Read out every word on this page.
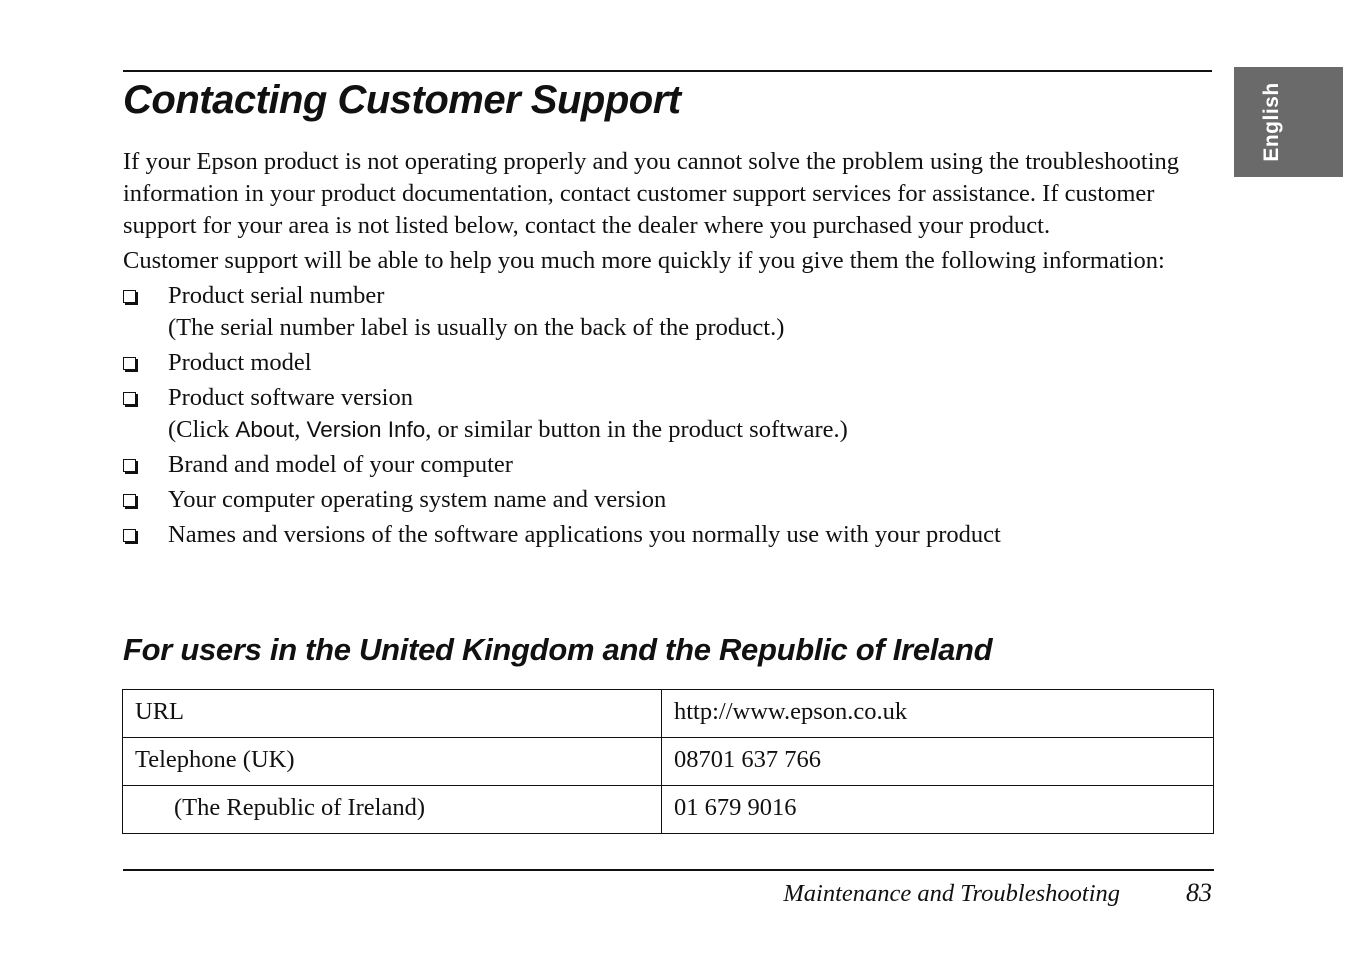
English
Contacting Customer Support

If your Epson product is not operating properly and you cannot solve the problem using the troubleshooting information in your product documentation, contact customer support services for assistance. If customer support for your area is not listed below, contact the dealer where you purchased your product.

Customer support will be able to help you much more quickly if you give them the following information:

Product serial number
(The serial number label is usually on the back of the product.)
Product model
Product software version
(Click About, Version Info, or similar button in the product software.)
Brand and model of your computer
Your computer operating system name and version
Names and versions of the software applications you normally use with your product
For users in the United Kingdom and the Republic of Ireland
URL	http://www.epson.co.uk
Telephone (UK)	08701 637 766
(The Republic of Ireland)	01 679 9016
Maintenance and Troubleshooting	83
